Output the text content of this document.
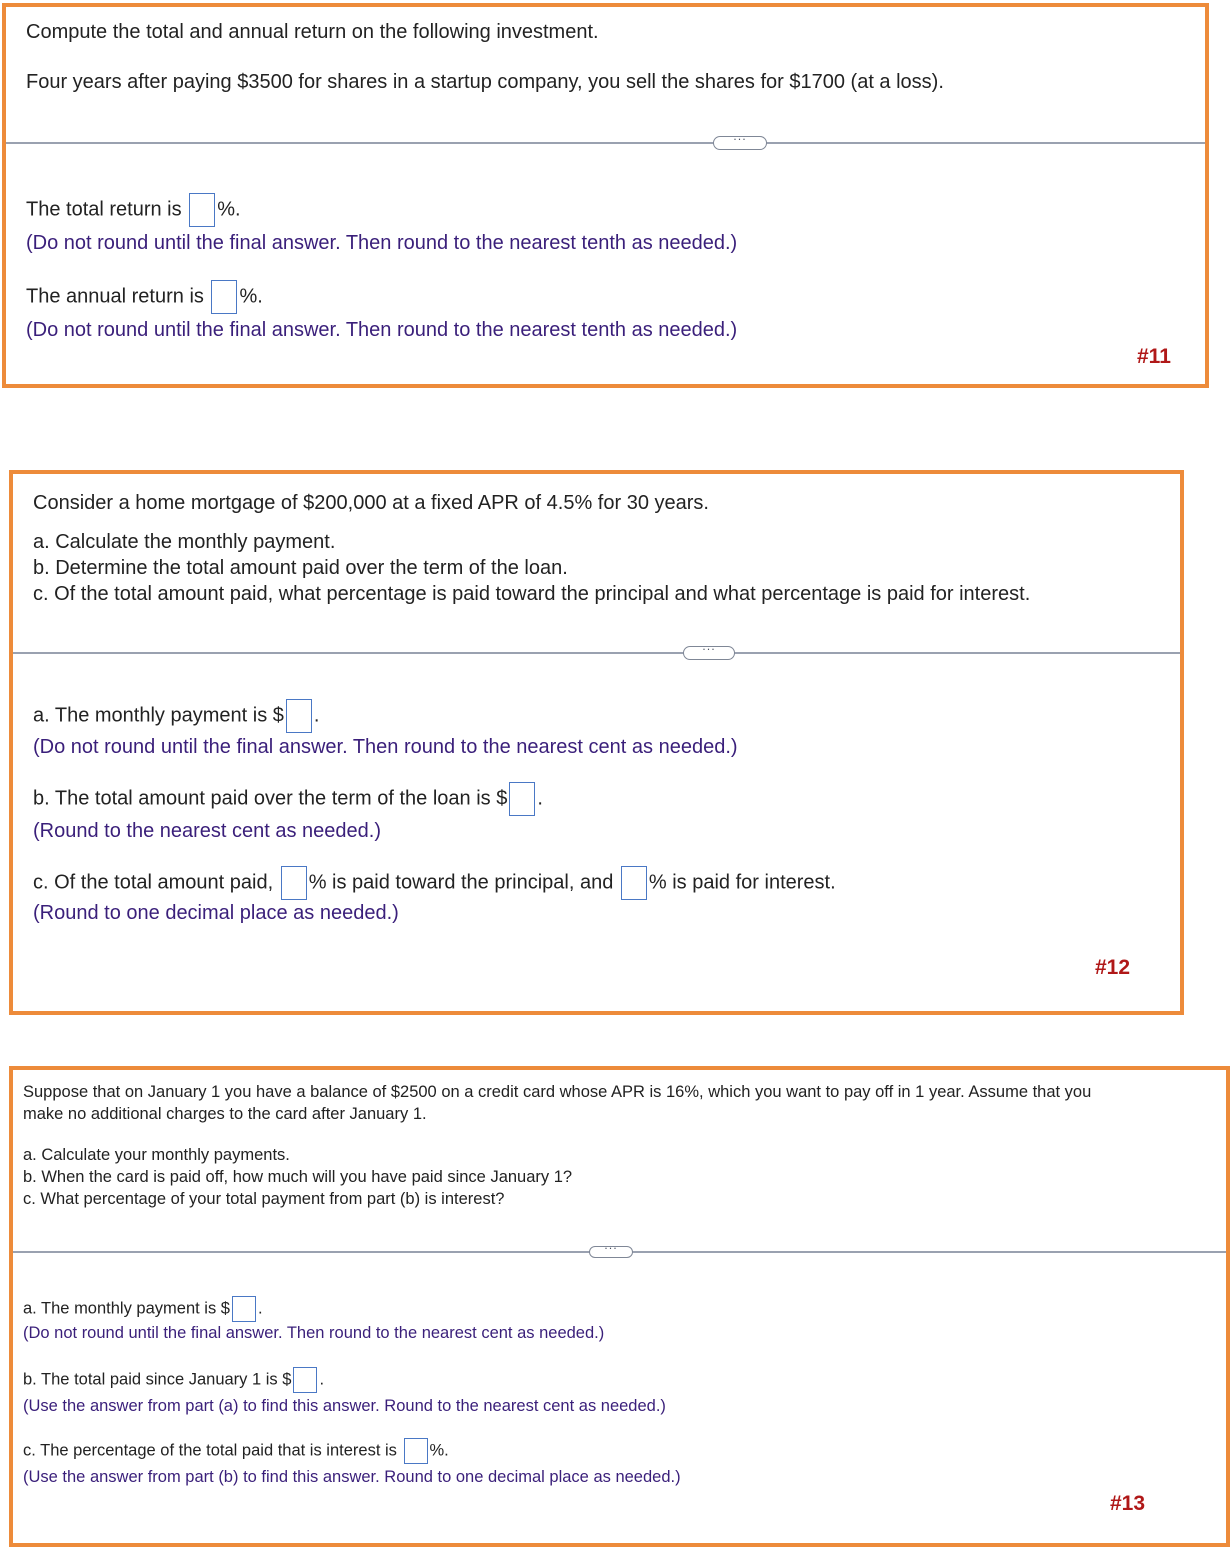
Compute the total and annual return on the following investment.

Four years after paying $3500 for shares in a startup company, you sell the shares for $1700 (at a loss).

···

The total return is %.

(Do not round until the final answer. Then round to the nearest tenth as needed.)

The annual return is %.

(Do not round until the final answer. Then round to the nearest tenth as needed.)

#11

Consider a home mortgage of $200,000 at a fixed APR of 4.5% for 30 years.

a. Calculate the monthly payment.

b. Determine the total amount paid over the term of the loan.

c. Of the total amount paid, what percentage is paid toward the principal and what percentage is paid for interest.

···

a. The monthly payment is $ .

(Do not round until the final answer. Then round to the nearest cent as needed.)

b. The total amount paid over the term of the loan is $ .

(Round to the nearest cent as needed.)

c. Of the total amount paid, % is paid toward the principal, and % is paid for interest.

(Round to one decimal place as needed.)

#12

Suppose that on January 1 you have a balance of $2500 on a credit card whose APR is 16%, which you want to pay off in 1 year. Assume that you

make no additional charges to the card after January 1.

a. Calculate your monthly payments.

b. When the card is paid off, how much will you have paid since January 1?

c. What percentage of your total payment from part (b) is interest?

···

a. The monthly payment is $ .

(Do not round until the final answer. Then round to the nearest cent as needed.)

b. The total paid since January 1 is $ .

(Use the answer from part (a) to find this answer. Round to the nearest cent as needed.)

c. The percentage of the total paid that is interest is %.

(Use the answer from part (b) to find this answer. Round to one decimal place as needed.)

#13
